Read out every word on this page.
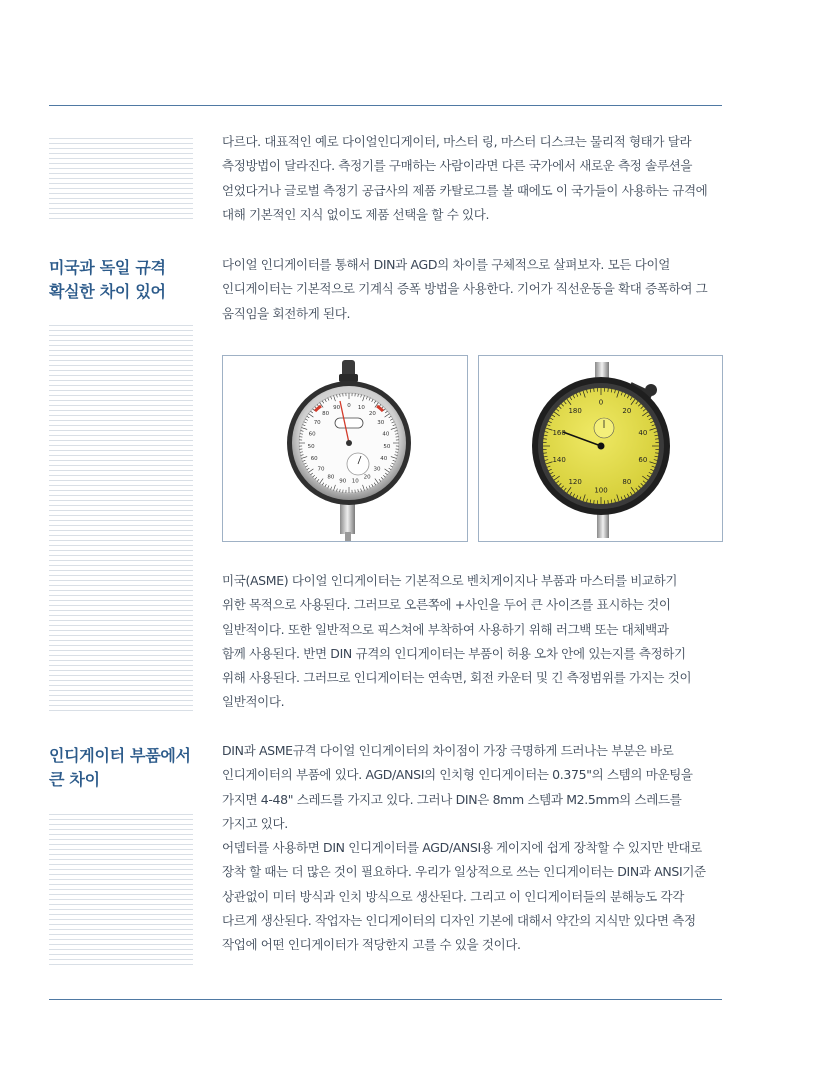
다르다. 대표적인 예로 다이얼인디게이터, 마스터 링, 마스터 디스크는 물리적 형태가 달라

측정방법이 달라진다. 측정기를 구매하는 사람이라면 다른 국가에서 새로운 측정 솔루션을

얻었다거나 글로벌 측정기 공급사의 제품 카탈로그를 볼 때에도 이 국가들이 사용하는 규격에

대해 기본적인 지식 없이도 제품 선택을 할 수 있다.

미국과 독일 규격
확실한 차이 있어

다이얼 인디게이터를 통해서 DIN과 AGD의 차이를 구체적으로 살펴보자. 모든 다이얼

인디게이터는 기본적으로 기계식 증폭 방법을 사용한다. 기어가 직선운동을 확대 증폭하여 그

움직임을 회전하게 된다.

0 10
20
30
40
50
40
30
20
10
90
80
70
60
50
60
70
80
90
0
20
40
60
80
100
120
140
160
180

미국(ASME) 다이얼 인디게이터는 기본적으로 벤치게이지나 부품과 마스터를 비교하기

위한 목적으로 사용된다. 그러므로 오른쪽에 +사인을 두어 큰 사이즈를 표시하는 것이

일반적이다. 또한 일반적으로 픽스쳐에 부착하여 사용하기 위해 러그백 또는 대체백과

함께 사용된다. 반면 DIN 규격의 인디게이터는 부품이 허용 오차 안에 있는지를 측정하기

위해 사용된다. 그러므로 인디게이터는 연속면, 회전 카운터 및 긴 측정범위를 가지는 것이

일반적이다.

인디게이터 부품에서
큰 차이

DIN과 ASME규격 다이얼 인디게이터의 차이점이 가장 극명하게 드러나는 부분은 바로

인디게이터의 부품에 있다. AGD/ANSI의 인치형 인디게이터는 0.375"의 스템의 마운팅을

가지면 4-48" 스레드를 가지고 있다. 그러나 DIN은 8mm 스템과 M2.5mm의 스레드를

가지고 있다.

어뎁터를 사용하면 DIN 인디게이터를 AGD/ANSI용 게이지에 쉽게 장착할 수 있지만 반대로

장착 할 때는 더 많은 것이 필요하다. 우리가 일상적으로 쓰는 인디게이터는 DIN과 ANSI기준

상관없이 미터 방식과 인치 방식으로 생산된다. 그리고 이 인디게이터들의 분해능도 각각

다르게 생산된다. 작업자는 인디게이터의 디자인 기본에 대해서 약간의 지식만 있다면 측정

작업에 어떤 인디게이터가 적당한지 고를 수 있을 것이다.
